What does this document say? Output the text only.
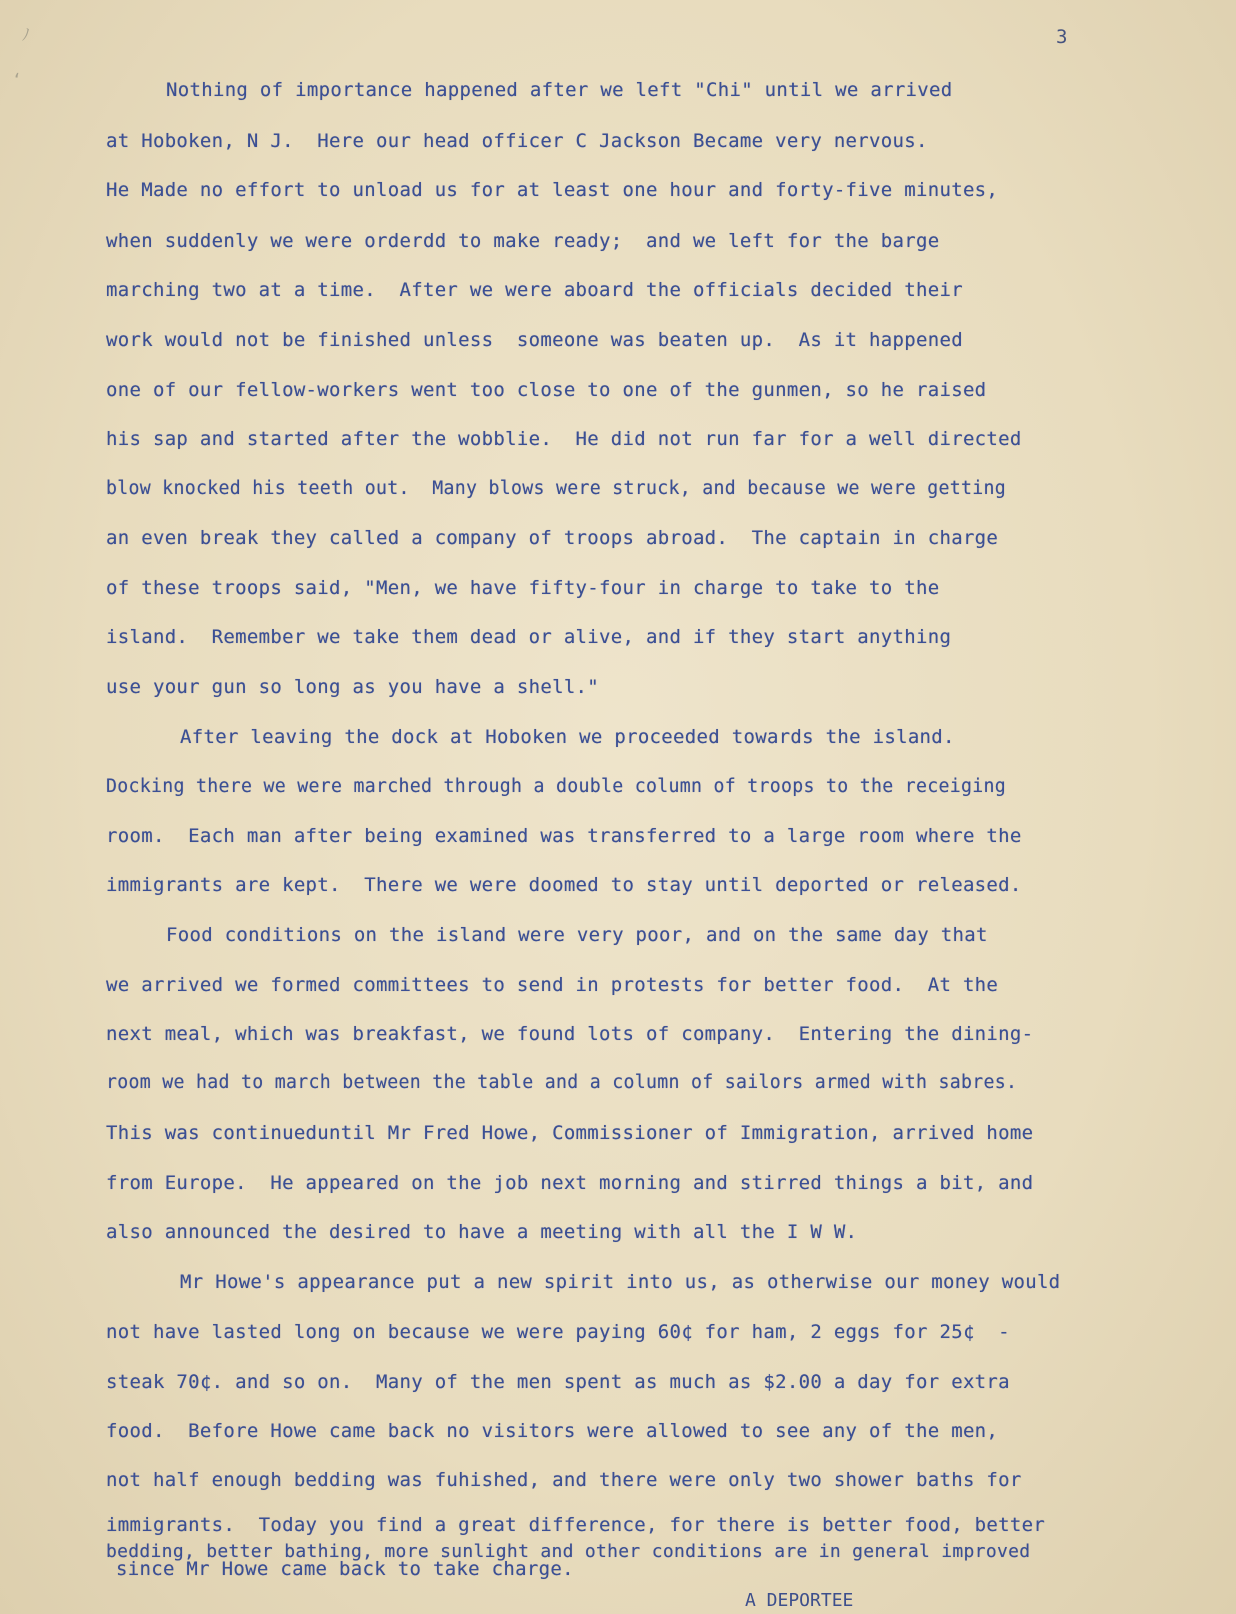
ﾉ
ʻ
3
Nothing of importance happened after we left "Chi" until we arrived
at Hoboken, N J.  Here our head officer C Jackson Became very nervous.
He Made no effort to unload us for at least one hour and forty-five minutes,
when suddenly we were orderdd to make ready;  and we left for the barge
marching two at a time.  After we were aboard the officials decided their
work would not be finished unless  someone was beaten up.  As it happened
one of our fellow-workers went too close to one of the gunmen, so he raised
his sap and started after the wobblie.  He did not run far for a well directed
blow knocked his teeth out.  Many blows were struck, and because we were getting
an even break they called a company of troops abroad.  The captain in charge
of these troops said, "Men, we have fifty-four in charge to take to the
island.  Remember we take them dead or alive, and if they start anything
use your gun so long as you have a shell."
After leaving the dock at Hoboken we proceeded towards the island.
Docking there we were marched through a double column of troops to the receiging
room.  Each man after being examined was transferred to a large room where the
immigrants are kept.  There we were doomed to stay until deported or released.
Food conditions on the island were very poor, and on the same day that
we arrived we formed committees to send in protests for better food.  At the
next meal, which was breakfast, we found lots of company.  Entering the dining-
room we had to march between the table and a column of sailors armed with sabres.
This was continueduntil Mr Fred Howe, Commissioner of Immigration, arrived home
from Europe.  He appeared on the job next morning and stirred things a bit, and
also announced the desired to have a meeting with all the I W W.
Mr Howe's appearance put a new spirit into us, as otherwise our money would
not have lasted long on because we were paying 60¢ for ham, 2 eggs for 25¢  -
steak 70¢. and so on.  Many of the men spent as much as $2.00 a day for extra
food.  Before Howe came back no visitors were allowed to see any of the men,
not half enough bedding was fuhished, and there were only two shower baths for
immigrants.  Today you find a great difference, for there is better food, better
bedding, better bathing, more sunlight and other conditions are in general improved
since Mr Howe came back to take charge.
A DEPORTEE
